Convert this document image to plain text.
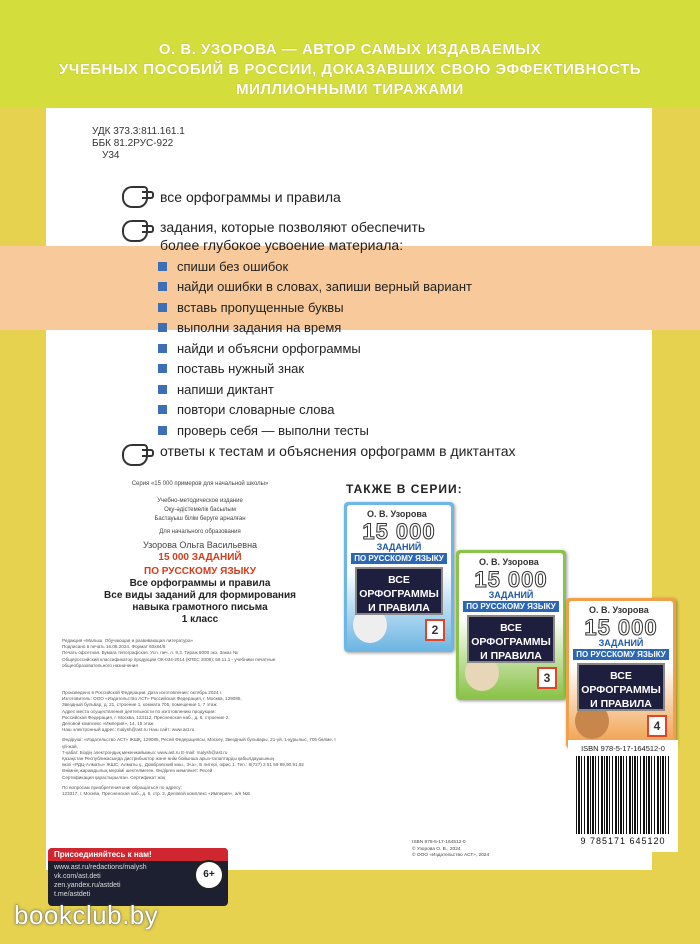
О. В. УЗОРОВА — АВТОР САМЫХ ИЗДАВАЕМЫХ
УЧЕБНЫХ ПОСОБИЙ В РОССИИ, ДОКАЗАВШИХ СВОЮ ЭФФЕКТИВНОСТЬ
МИЛЛИОННЫМИ ТИРАЖАМИ
УДК 373.3:811.161.1
ББК 81.2РУС-922
У34
все орфограммы и правила
задания, которые позволяют обеспечить
более глубокое усвоение материала:
спиши без ошибок
найди ошибки в словах, запиши верный вариант
вставь пропущенные буквы
выполни задания на время
найди и объясни орфограммы
поставь нужный знак
напиши диктант
повтори словарные слова
проверь себя — выполни тесты
ответы к тестам и объяснения орфограмм в диктантах
ТАКЖЕ В СЕРИИ:
Серия «15 000 примеров для начальной школы»
Учебно-методическое издание
Оқу-әдістемелік басылым
Бастауыш білім беруге арналған
Для начального образования
Узорова Ольга Васильевна
15 000 ЗАДАНИЙ
ПО РУССКОМУ ЯЗЫКУ
Все орфограммы и правила
Все виды заданий для формирования
навыка грамотного письма
1 класс
Редакция «Малыш. Обучающая и развивающая литература»
Подписано в печать 16.08.2024. Формат 60х84/8
Печать офсетная. Бумага типографская. Усл. печ. л. 9,3. Тираж 5000 экз. Заказ №
Общероссийский классификатор продукции ОК-034-2014 (КПЕС 2008); 58.11.1 - учебники печатные
общеобразовательного назначения
Произведено в Российской Федерации. Дата изготовления: октябрь 2024 г.
Изготовитель: ООО «Издательство АСТ» Российская Федерация, г. Москва, 129085,
Звездный бульвар, д. 21, строение 1, комната 705, помещение 1, 7 этаж
Адрес места осуществления деятельности по изготовлению продукции:
Российская Федерация, г. Москва, 123112, Пресненская наб., д. 6, строение 2,
Деловой комплекс «Империя», 14, 15 этаж
Наш электронный адрес: malysh@ast.ru Наш сайт: www.ast.ru
Өндіруші: «Издательство АСТ» ЖШҚ, 129085, Ресей Федерациясы, Мәскеу, Звездный бульвары, 21-үй, 1-құрылыс, 705 бөлме, I үй-жай,
7-қабат. Біздің электрондық мекенжайымыз: www.ast.ru E-mail: malysh@ast.ru
Қазақстан Республикасында дистрибьютор және өнім бойынша арыз-талаптарды қабылдаушының
өкілі «РДЦ-Алматы» ЖШС, Алматы қ., Домбровский көш., 3«а», Б литері, офис 1. Тел.: 8(727) 2 51 59 89,90,91,92
Өнімнің жарамдылық мерзімі шектелмеген. Өндірген мемлекет: Ресей
Сертификация қарастырылған. Сертификат жоқ
По вопросам приобретения книг обращаться по адресу:
123317, г. Москва, Пресненская наб., д. 6, стр. 2, Деловой комплекс «Империя», а/я №5
О. В. Узорова
15 000
ЗАДАНИЙ
ПО РУССКОМУ ЯЗЫКУ
ВСЕ ОРФОГРАММЫ И ПРАВИЛА
2
О. В. Узорова
15 000
ЗАДАНИЙ
ПО РУССКОМУ ЯЗЫКУ
ВСЕ ОРФОГРАММЫ И ПРАВИЛА
3
О. В. Узорова
15 000
ЗАДАНИЙ
ПО РУССКОМУ ЯЗЫКУ
ВСЕ ОРФОГРАММЫ И ПРАВИЛА
4
ISBN 978-5-17-164512-0
9 785171 645120
ISBN 978-5-17-164512-0
© Узорова О. В., 2024
© ООО «Издательство АСТ», 2024
Присоединяйтесь к нам!
www.ast.ru/redactions/malysh
vk.com/ast.deti
zen.yandex.ru/astdeti
t.me/astdeti
6+
bookclub.by
